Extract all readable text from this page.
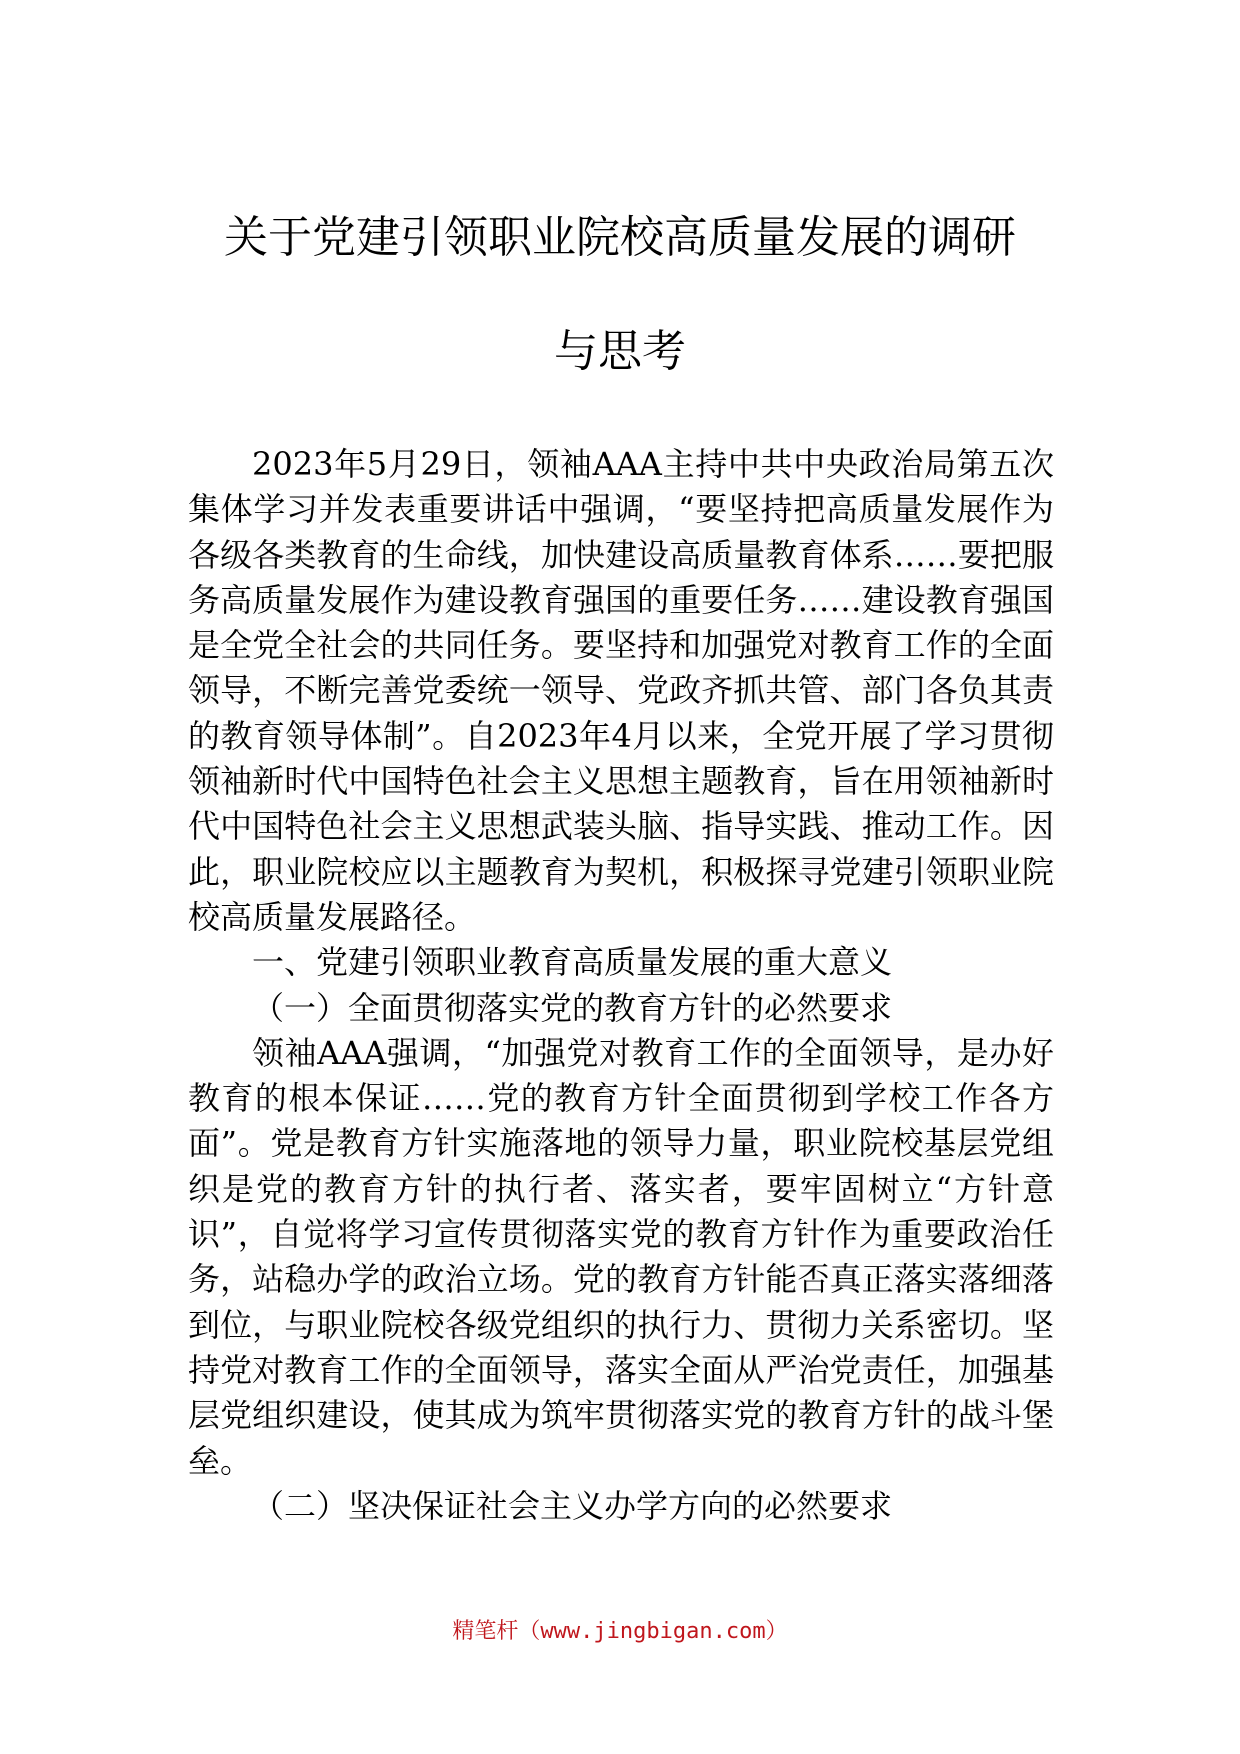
关于党建引领职业院校高质量发展的调研
与思考

2023年5月29日，领袖AAA主持中共中央政治局第五次集体学习并发表重要讲话中强调，“要坚持把高质量发展作为各级各类教育的生命线，加快建设高质量教育体系……要把服务高质量发展作为建设教育强国的重要任务……建设教育强国是全党全社会的共同任务。要坚持和加强党对教育工作的全面领导，不断完善党委统一领导、党政齐抓共管、部门各负其责的教育领导体制”。自2023年4月以来，全党开展了学习贯彻领袖新时代中国特色社会主义思想主题教育，旨在用领袖新时代中国特色社会主义思想武装头脑、指导实践、推动工作。因此，职业院校应以主题教育为契机，积极探寻党建引领职业院校高质量发展路径。

一、党建引领职业教育高质量发展的重大意义

（一）全面贯彻落实党的教育方针的必然要求

领袖AAA强调，“加强党对教育工作的全面领导，是办好教育的根本保证……党的教育方针全面贯彻到学校工作各方面”。党是教育方针实施落地的领导力量，职业院校基层党组织是党的教育方针的执行者、落实者，要牢固树立“方针意识”，自觉将学习宣传贯彻落实党的教育方针作为重要政治任务，站稳办学的政治立场。党的教育方针能否真正落实落细落到位，与职业院校各级党组织的执行力、贯彻力关系密切。坚持党对教育工作的全面领导，落实全面从严治党责任，加强基层党组织建设，使其成为筑牢贯彻落实党的教育方针的战斗堡垒。

（二）坚决保证社会主义办学方向的必然要求

精笔杆（www.jingbigan.com）
